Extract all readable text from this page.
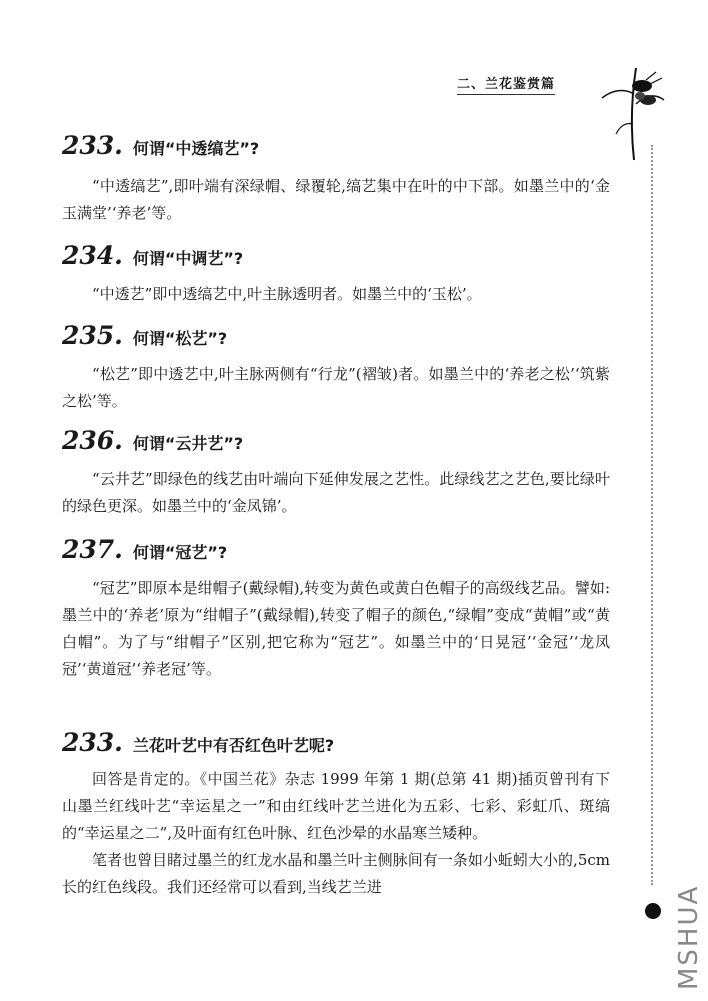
二、兰花鉴赏篇
MSHUA
233. 何谓“中透缟艺”?

“中透缟艺”,即叶端有深绿帽、绿覆轮,缟艺集中在叶的中下部。如墨兰中的‘金玉满堂’‘养老’等。

234. 何谓“中调艺”?

“中透艺”即中透缟艺中,叶主脉透明者。如墨兰中的‘玉松’。

235. 何谓“松艺”?

“松艺”即中透艺中,叶主脉两侧有“行龙”(褶皱)者。如墨兰中的‘养老之松’‘筑紫之松’等。

236. 何谓“云井艺”?

“云井艺”即绿色的线艺由叶端向下延伸发展之艺性。此绿线艺之艺色,要比绿叶的绿色更深。如墨兰中的‘金凤锦’。

237. 何谓“冠艺”?

“冠艺”即原本是绀帽子(戴绿帽),转变为黄色或黄白色帽子的高级线艺品。譬如:墨兰中的‘养老’原为“绀帽子”(戴绿帽),转变了帽子的颜色,“绿帽”变成“黄帽”或“黄白帽”。为了与“绀帽子”区别,把它称为“冠艺”。如墨兰中的‘日晃冠’‘金冠’‘龙凤冠’‘黄道冠’‘养老冠’等。

233. 兰花叶艺中有否红色叶艺呢?

回答是肯定的。《中国兰花》杂志 1999 年第 1 期(总第 41 期)插页曾刊有下山墨兰红线叶艺“幸运星之一”和由红线叶艺兰进化为五彩、七彩、彩虹爪、斑缟的“幸运星之二”,及叶面有红色叶脉、红色沙晕的水晶寒兰矮种。

笔者也曾目睹过墨兰的红龙水晶和墨兰叶主侧脉间有一条如小蚯蚓大小的,5cm 长的红色线段。我们还经常可以看到,当线艺兰进
